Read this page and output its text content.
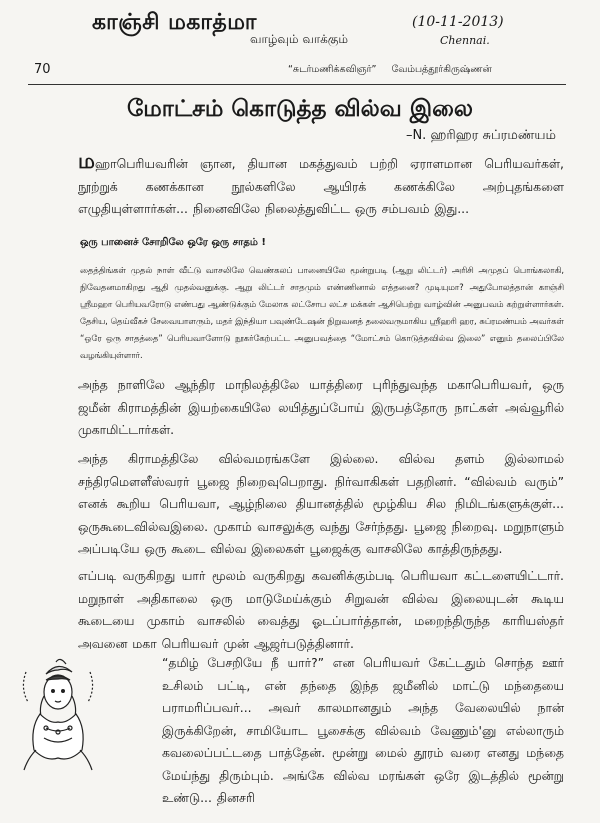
காஞ்சி மகாத்மா
வாழ்வும் வாக்கும்
(10-11-2013)
Chennai.
70	“சுடர்மணிக்கவிஞர்” வேம்பத்தூர்கிருஷ்ணன்
மோட்சம் கொடுத்த வில்வ இலை
–N. ஹரிஹர சுப்ரமண்யம்

மஹாபெரியவரின் ஞான, தியான மகத்துவம் பற்றி ஏராளமான பெரியவர்கள், நூற்றுக் கணக்கான நூல்களிலே ஆயிரக் கணக்கிலே அற்புதங்களை எழுதியுள்ளார்கள்... நினைவிலே நிலைத்துவிட்ட ஒரு சம்பவம் இது...

ஒரு பானைச் சோறிலே ஒரே ஒரு சாதம் !

தைத்திங்கள் முதல் நாள் வீட்டு வாசலிலே வெண்கலப் பானையிலே மூன்றுபடி (ஆறு லிட்டர்) அரிசி அமுதப் பொங்கலாகி, நிவேதனமாகிறது ஆதி முதல்வனுக்கு. ஆறு லிட்டர் சாதமும் எண்ணினால் எத்தனை? முடியுமா? அதுபோலத்தான் காஞ்சி ஸ்ரீமஹா பெரியவரோடு எண்பது ஆண்டுக்கும் மேலாக லட்சோப லட்ச மக்கள் ஆசிபெற்று வாழ்வின் அனுபவம் கற்றுள்ளார்கள். தேசிய, தெய்வீகச் சேவையாளரும், மதர் இந்தியா பவுண்டேஷன் நிறுவனத் தலைவருமாகிய ஸ்ரீஹரி ஹர, சுப்ரமண்யம் அவர்கள் “ஒரே ஒரு சாதத்தை” பெரியவாளோடு நூகர்கேற்பட்ட அனுபவத்தை “மோட்சம் கொடுத்தவில்வ இலை” எனும் தலைப்பிலே வழங்கியுள்ளார்.

அந்த நாளிலே ஆந்திர மாநிலத்திலே யாத்திரை புரிந்துவந்த மகாபெரியவர், ஒரு ஜமீன் கிராமத்தின் இயற்கையிலே லயித்துப்போய் இருபத்தோரு நாட்கள் அவ்வூரில் முகாமிட்டார்கள்.

அந்த கிராமத்திலே வில்வமரங்களே இல்லை. வில்வ தளம் இல்லாமல் சந்திரமௌளீஸ்வரர் பூஜை நிறைவுபெறாது. நிர்வாகிகள் பதறினர். “வில்வம் வரும்” எனக் கூறிய பெரியவா, ஆழ்நிலை தியானத்தில் மூழ்கிய சில நிமிடங்களுக்குள்... ஒருகூடைவில்வஇலை. முகாம் வாசலுக்கு வந்து சேர்ந்தது. பூஜை நிறைவு. மறுநாளும் அப்படியே ஒரு கூடை வில்வ இலைகள் பூஜைக்கு வாசலிலே காத்திருந்தது.

எப்படி வருகிறது யார் மூலம் வருகிறது கவனிக்கும்படி பெரியவா கட்டளையிட்டார். மறுநாள் அதிகாலை ஒரு மாடுமேய்க்கும் சிறுவன் வில்வ இலையுடன் கூடிய கூடையை முகாம் வாசலில் வைத்து ஓடப்பார்த்தான், மறைந்திருந்த காரியஸ்தர் அவனை மகா பெரியவர் முன் ஆஜர்படுத்தினார்.

“தமிழ் பேசறியே நீ யார்?” என பெரியவர் கேட்டதும் சொந்த ஊர் உசிலம் பட்டி, என் தந்தை இந்த ஜமீனில் மாட்டு மந்தையை பராமரிப்பவர்... அவர் காலமானதும் அந்த வேலையில் நான் இருக்கிறேன், சாமியோட பூசைக்கு வில்வம் வேணும்'னு எல்லாரும் கவலைப்பட்டதை பாத்தேன். மூன்று மைல் தூரம் வரை எனது மந்தை மேய்ந்து திரும்பும். அங்கே வில்வ மரங்கள் ஒரே இடத்தில் மூன்று உண்டு... தினசரி
